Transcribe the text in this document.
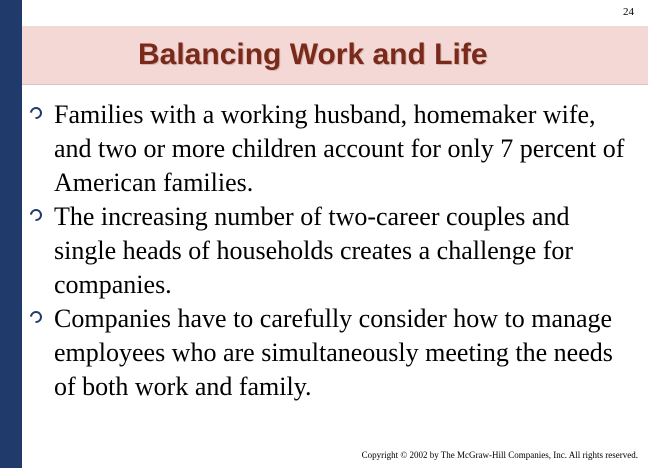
24
Balancing Work and Life
Families with a working husband, homemaker wife, and two or more children account for only 7 percent of American families.
The increasing number of two-career couples and single heads of households creates a challenge for companies.
Companies have to carefully consider how to manage employees who are simultaneously meeting the needs of both work and family.
Copyright © 2002 by The McGraw-Hill Companies, Inc. All rights reserved.
